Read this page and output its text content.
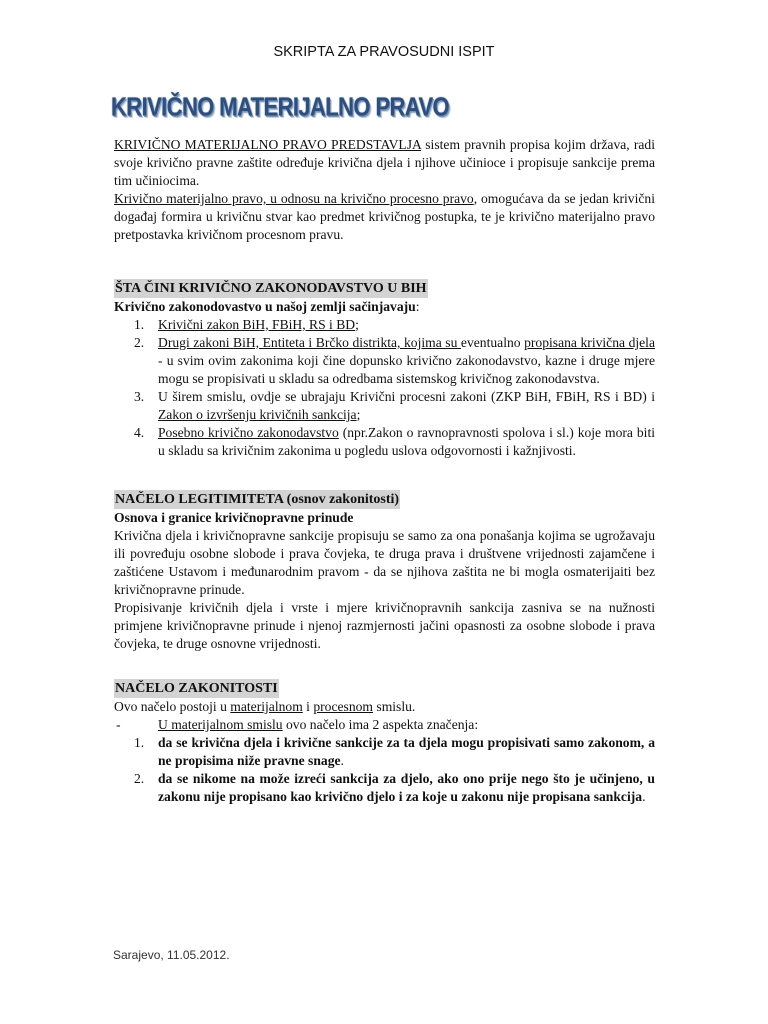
SKRIPTA ZA PRAVOSUDNI ISPIT
KRIVIČNO MATERIJALNO PRAVO

KRIVIČNO MATERIJALNO PRAVO PREDSTAVLJA sistem pravnih propisa kojim država, radi svoje krivično pravne zaštite određuje krivična djela i njihove učinioce i propisuje sankcije prema tim učiniocima.

Krivično materijalno pravo, u odnosu na krivično procesno pravo, omogućava da se jedan krivični događaj formira u krivičnu stvar kao predmet krivičnog postupka, te je krivično materijalno pravo pretpostavka krivičnom procesnom pravu.

ŠTA ČINI KRIVIČNO ZAKONODAVSTVO U BIH

Krivično zakonodovastvo u našoj zemlji sačinjavaju:

1. Krivični zakon BiH, FBiH, RS i BD;
2. Drugi zakoni BiH, Entiteta i Brčko distrikta, kojima su eventualno propisana krivična djela - u svim ovim zakonima koji čine dopunsko krivično zakonodavstvo, kazne i druge mjere mogu se propisivati u skladu sa odredbama sistemskog krivičnog zakonodavstva.
3. U širem smislu, ovdje se ubrajaju Krivični procesni zakoni (ZKP BiH, FBiH, RS i BD) i Zakon o izvršenju krivičnih sankcija;
4. Posebno krivično zakonodavstvo (npr.Zakon o ravnopravnosti spolova i sl.) koje mora biti u skladu sa krivičnim zakonima u pogledu uslova odgovornosti i kažnjivosti.
NAČELO LEGITIMITETA (osnov zakonitosti)

Osnova i granice krivičnopravne prinude

Krivična djela i krivičnopravne sankcije propisuju se samo za ona ponašanja kojima se ugrožavaju ili povređuju osobne slobode i prava čovjeka, te druga prava i društvene vrijednosti zajamčene i zaštićene Ustavom i međunarodnim pravom - da se njihova zaštita ne bi mogla osmaterijaiti bez krivičnopravne prinude.

Propisivanje krivičnih djela i vrste i mjere krivičnopravnih sankcija zasniva se na nužnosti primjene krivičnopravne prinude i njenoj razmjernosti jačini opasnosti za osobne slobode i prava čovjeka, te druge osnovne vrijednosti.

NAČELO ZAKONITOSTI

Ovo načelo postoji u materijalnom i procesnom smislu.

-	U materijalnom smislu ovo načelo ima 2 aspekta značenja:
1. da se krivična djela i krivične sankcije za ta djela mogu propisivati samo zakonom, a ne propisima niže pravne snage.
2. da se nikome na može izreći sankcija za djelo, ako ono prije nego što je učinjeno, u zakonu nije propisano kao krivično djelo i za koje u zakonu nije propisana sankcija.
Sarajevo, 11.05.2012.
